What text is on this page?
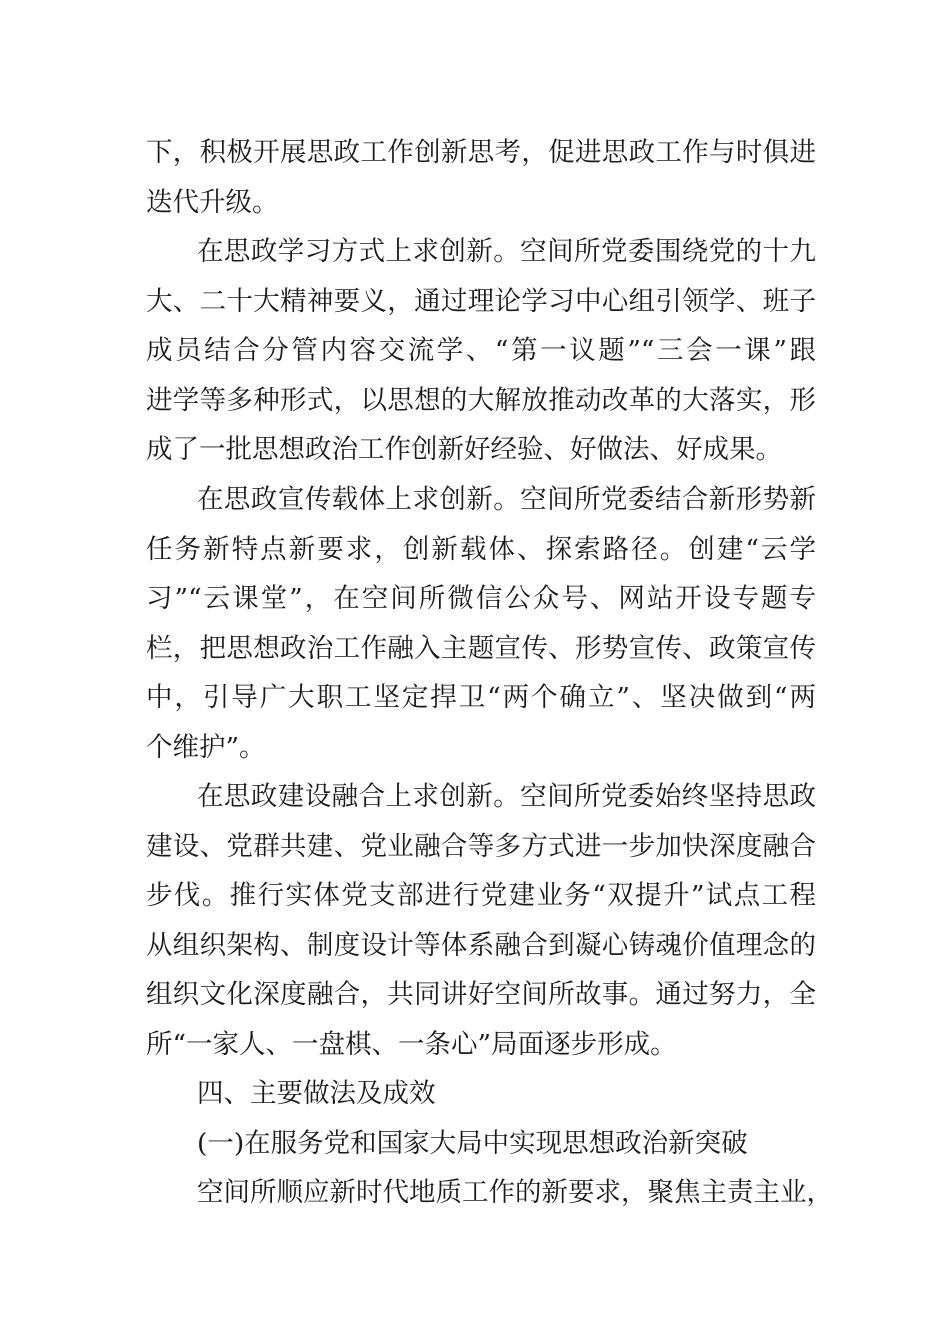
下，积极开展思政工作创新思考，促进思政工作与时俱进
迭代升级。
在思政学习方式上求创新。空间所党委围绕党的十九
大、二十大精神要义，通过理论学习中心组引领学、班子
成员结合分管内容交流学、“第一议题”“三会一课”跟
进学等多种形式，以思想的大解放推动改革的大落实，形
成了一批思想政治工作创新好经验、好做法、好成果。
在思政宣传载体上求创新。空间所党委结合新形势新
任务新特点新要求，创新载体、探索路径。创建“云学
习”“云课堂”，在空间所微信公众号、网站开设专题专
栏，把思想政治工作融入主题宣传、形势宣传、政策宣传
中，引导广大职工坚定捍卫“两个确立”、坚决做到“两
个维护”。
在思政建设融合上求创新。空间所党委始终坚持思政
建设、党群共建、党业融合等多方式进一步加快深度融合
步伐。推行实体党支部进行党建业务“双提升”试点工程
从组织架构、制度设计等体系融合到凝心铸魂价值理念的
组织文化深度融合，共同讲好空间所故事。通过努力，全
所“一家人、一盘棋、一条心”局面逐步形成。
四、主要做法及成效
(一)在服务党和国家大局中实现思想政治新突破
空间所顺应新时代地质工作的新要求，聚焦主责主业，
